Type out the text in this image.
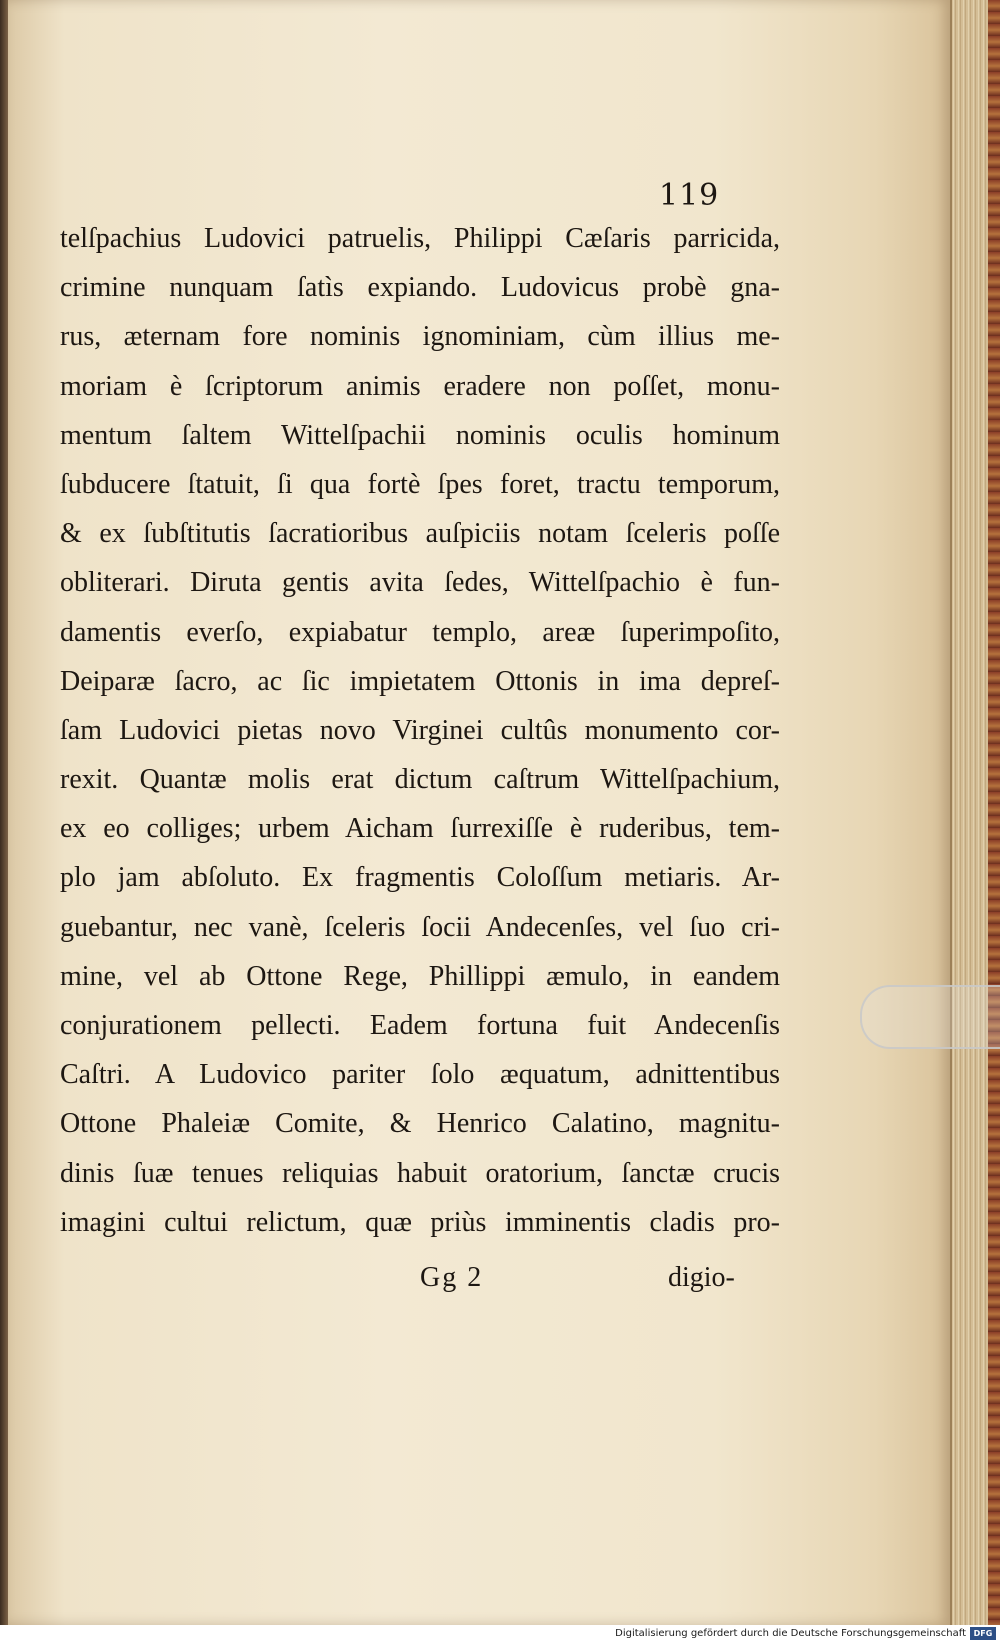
119
telſpachius Ludovici patruelis, Philippi Cæſaris parricida,
crimine nunquam ſatìs expiando. Ludovicus probè gna-
rus, æternam fore nominis ignominiam, cùm illius me-
moriam è ſcriptorum animis eradere non poſſet, monu-
mentum ſaltem Wittelſpachii nominis oculis hominum
ſubducere ſtatuit, ſi qua fortè ſpes foret, tractu temporum,
& ex ſubſtitutis ſacratioribus auſpiciis notam ſceleris poſſe
obliterari. Diruta gentis avita ſedes, Wittelſpachio è fun-
damentis everſo, expiabatur templo, areæ ſuperimpoſito,
Deiparæ ſacro, ac ſic impietatem Ottonis in ima depreſ-
ſam Ludovici pietas novo Virginei cultûs monumento cor-
rexit. Quantæ molis erat dictum caſtrum Wittelſpachium,
ex eo colliges; urbem Aicham ſurrexiſſe è ruderibus, tem-
plo jam abſoluto. Ex fragmentis Coloſſum metiaris. Ar-
guebantur, nec vanè, ſceleris ſocii Andecenſes, vel ſuo cri-
mine, vel ab Ottone Rege, Phillippi æmulo, in eandem
conjurationem pellecti. Eadem fortuna fuit Andecenſis
Caſtri. A Ludovico pariter ſolo æquatum, adnittentibus
Ottone Phaleiæ Comite, & Henrico Calatino, magnitu-
dinis ſuæ tenues reliquias habuit oratorium, ſanctæ crucis
imagini cultui relictum, quæ priùs imminentis cladis pro-
Gg 2	digio-
Digitalisierung gefördert durch die Deutsche Forschungsgemeinschaft DFG
